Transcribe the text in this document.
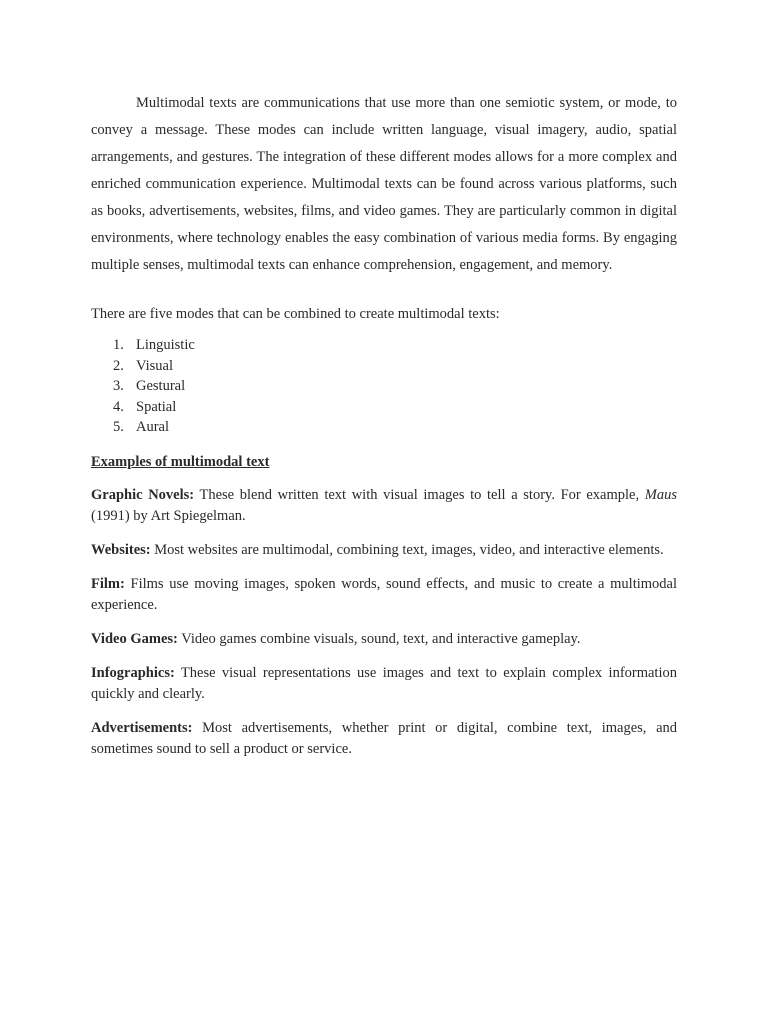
Multimodal texts are communications that use more than one semiotic system, or mode, to convey a message. These modes can include written language, visual imagery, audio, spatial arrangements, and gestures. The integration of these different modes allows for a more complex and enriched communication experience. Multimodal texts can be found across various platforms, such as books, advertisements, websites, films, and video games. They are particularly common in digital environments, where technology enables the easy combination of various media forms. By engaging multiple senses, multimodal texts can enhance comprehension, engagement, and memory.

There are five modes that can be combined to create multimodal texts:

1. Linguistic
2. Visual
3. Gestural
4. Spatial
5. Aural
Examples of multimodal text

Graphic Novels: These blend written text with visual images to tell a story. For example, Maus (1991) by Art Spiegelman.

Websites: Most websites are multimodal, combining text, images, video, and interactive elements.

Film: Films use moving images, spoken words, sound effects, and music to create a multimodal experience.

Video Games: Video games combine visuals, sound, text, and interactive gameplay.

Infographics: These visual representations use images and text to explain complex information quickly and clearly.

Advertisements: Most advertisements, whether print or digital, combine text, images, and sometimes sound to sell a product or service.
